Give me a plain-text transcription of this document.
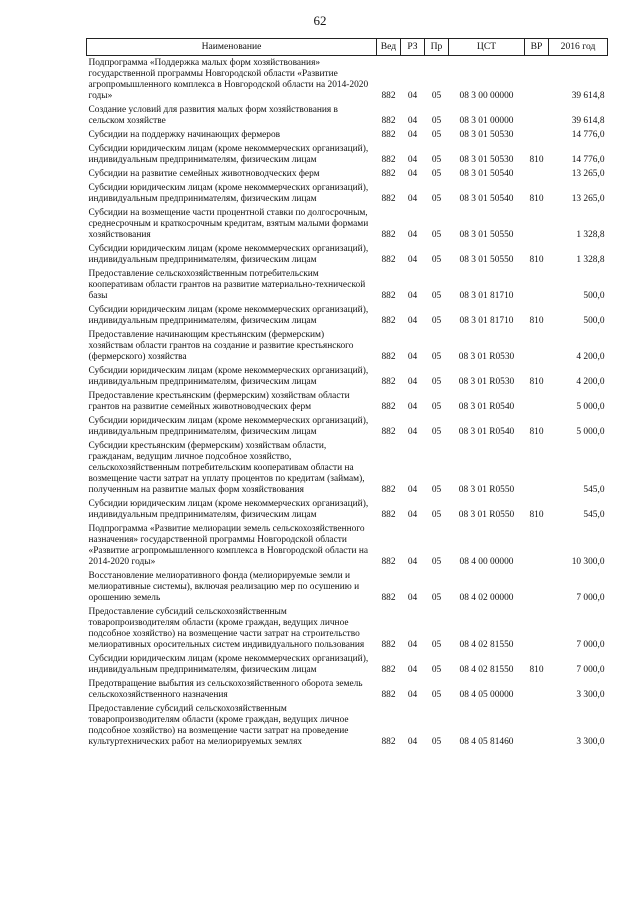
62
Наименование	Вед	РЗ	Пр	ЦСТ	ВР	2016 год
Подпрограмма «Поддержка малых форм хозяйствования» государственной программы Новгородской области «Развитие агропромышленного комплекса в Новгородской области на 2014-2020 годы»	882	04	05	08 3 00 00000		39 614,8
Создание условий для развития малых форм хозяйствования в сельском хозяйстве	882	04	05	08 3 01 00000		39 614,8
Субсидии на поддержку начинающих фермеров	882	04	05	08 3 01 50530		14 776,0
Субсидии юридическим лицам (кроме некоммерческих организаций), индивидуальным предпринимателям, физическим лицам	882	04	05	08 3 01 50530	810	14 776,0
Субсидии на развитие семейных животноводческих ферм	882	04	05	08 3 01 50540		13 265,0
Субсидии юридическим лицам (кроме некоммерческих организаций), индивидуальным предпринимателям, физическим лицам	882	04	05	08 3 01 50540	810	13 265,0
Субсидии на возмещение части процентной ставки по долгосрочным, среднесрочным и краткосрочным кредитам, взятым малыми формами хозяйствования	882	04	05	08 3 01 50550		1 328,8
Субсидии юридическим лицам (кроме некоммерческих организаций), индивидуальным предпринимателям, физическим лицам	882	04	05	08 3 01 50550	810	1 328,8
Предоставление сельскохозяйственным потребительским кооперативам области грантов на развитие материально-технической базы	882	04	05	08 3 01 81710		500,0
Субсидии юридическим лицам (кроме некоммерческих организаций), индивидуальным предпринимателям, физическим лицам	882	04	05	08 3 01 81710	810	500,0
Предоставление начинающим крестьянским (фермерским) хозяйствам области грантов на создание и развитие крестьянского (фермерского) хозяйства	882	04	05	08 3 01 R0530		4 200,0
Субсидии юридическим лицам (кроме некоммерческих организаций), индивидуальным предпринимателям, физическим лицам	882	04	05	08 3 01 R0530	810	4 200,0
Предоставление крестьянским (фермерским) хозяйствам области грантов на развитие семейных животноводческих ферм	882	04	05	08 3 01 R0540		5 000,0
Субсидии юридическим лицам (кроме некоммерческих организаций), индивидуальным предпринимателям, физическим лицам	882	04	05	08 3 01 R0540	810	5 000,0
Субсидии крестьянским (фермерским) хозяйствам области, гражданам, ведущим личное подсобное хозяйство, сельскохозяйственным потребительским кооперативам области на возмещение части затрат на уплату процентов по кредитам (займам), полученным на развитие малых форм хозяйствования	882	04	05	08 3 01 R0550		545,0
Субсидии юридическим лицам (кроме некоммерческих организаций), индивидуальным предпринимателям, физическим лицам	882	04	05	08 3 01 R0550	810	545,0
Подпрограмма «Развитие мелиорации земель сельскохозяйственного назначения» государственной программы Новгородской области «Развитие агропромышленного комплекса в Новгородской области на 2014-2020 годы»	882	04	05	08 4 00 00000		10 300,0
Восстановление мелиоративного фонда (мелиорируемые земли и мелиоративные системы), включая реализацию мер по осушению и орошению земель	882	04	05	08 4 02 00000		7 000,0
Предоставление субсидий сельскохозяйственным товаропроизводителям области (кроме граждан, ведущих личное подсобное хозяйство) на возмещение части затрат на строительство мелиоративных оросительных систем индивидуального пользования	882	04	05	08 4 02 81550		7 000,0
Субсидии юридическим лицам (кроме некоммерческих организаций), индивидуальным предпринимателям, физическим лицам	882	04	05	08 4 02 81550	810	7 000,0
Предотвращение выбытия из сельскохозяйственного оборота земель сельскохозяйственного назначения	882	04	05	08 4 05 00000		3 300,0
Предоставление субсидий сельскохозяйственным товаропроизводителям области (кроме граждан, ведущих личное подсобное хозяйство) на возмещение части затрат на проведение культуртехнических работ на мелиорируемых землях	882	04	05	08 4 05 81460		3 300,0
